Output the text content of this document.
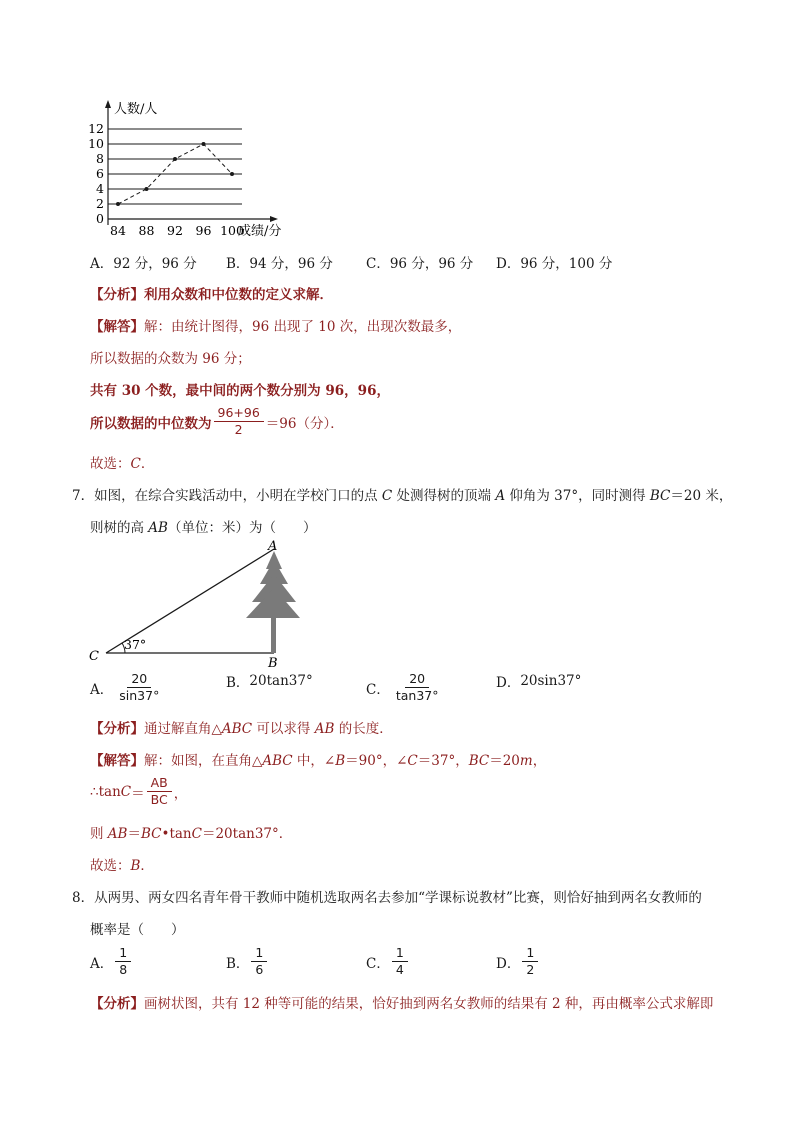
人数/人
成绩/分
0
2
4
6
8
10
12
84 88 92 96 100
A． 92 分，96 分 B． 94 分，96 分 C． 96 分，96 分 D． 96 分，100 分
【分析】利用众数和中位数的定义求解．
【解答】解：由统计图得，96 出现了 10 次，出现次数最多，
所以数据的众数为 96 分；
共有 30 个数，最中间的两个数分别为 96，96，
所以数据的中位数为 $\frac{96+96}{2} =96$（分）．
故选：C．
7．如图，在综合实践活动中，小明在学校门口的点 C 处测得树的顶端 A 仰角为 37°，同时测得 BC＝20 米，
则树的高 AB（单位：米）为（　　）
A
B
C
37°
A． $\frac{20}{\sin 37^\circ}$	B． 20tan37°
C． $\frac{20}{\tan 37^\circ}$	D． 20sin37°
【分析】通过解直角△ABC 可以求得 AB 的长度．
【解答】解：如图，在直角△ABC 中，∠B＝90°，∠C＝37°，BC＝20m，
∴tan $C = \frac{AB}{BC}$ ，
则 AB＝BC•tanC＝20tan37°．
故选：B．
8．从两男、两女四名青年骨干教师中随机选取两名去参加“学课标说教材”比赛，则恰好抽到两名女教师的
概率是（　　）
A． $\frac{1}{8}$	B． $\frac{1}{6}$	C． $\frac{1}{4}$	D． $\frac{1}{2}$
【分析】画树状图，共有 12 种等可能的结果，恰好抽到两名女教师的结果有 2 种，再由概率公式求解即
